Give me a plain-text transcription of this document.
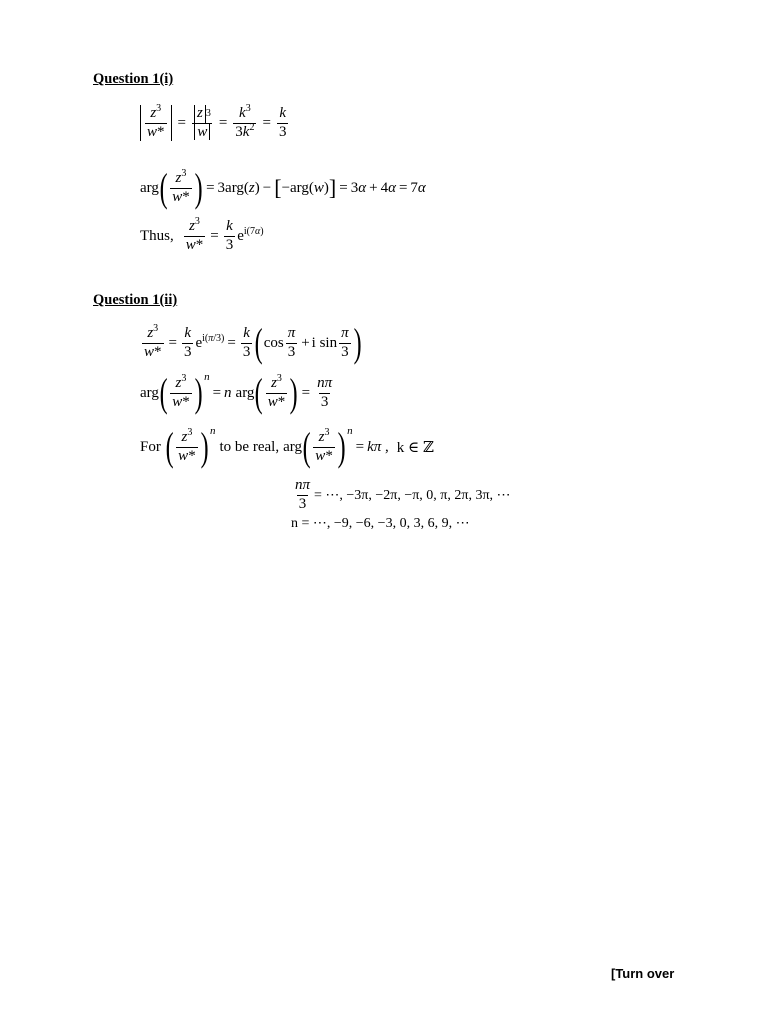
Question 1(i)
$\frac{z^3}{w*} = \frac{z 3}{w} = \frac{k^3}{3k^2} = \frac{k}{3}$
arg ( $\frac{z^3}{w*}$ ) = 3arg(z) − [ −arg(w) ] = 3α + 4α = 7α
Thus, $\frac{z^3}{w*} = \frac{k}{3} e^{i(7\alpha)}$
Question 1(ii)
$\frac{z^3}{w*} = \frac{k}{3} e^{i(\pi/3)} = \frac{k}{3}$ ( $\cos \frac{\pi}{3} + i$ $\sin \frac{\pi}{3}$ )
arg ( $\frac{z^3}{w*}$ ) n
= n arg ( $\frac{z^3}{w*}$ ) = $\frac{n\pi}{3}$
For ( $\frac{z^3}{w*}$ ) n
to be real, arg ( $\frac{z^3}{w*}$ ) n
= kπ , k ∈ ℤ
$\frac{n\pi}{3}$ = ⋯, −3π, −2π, −π, 0, π, 2π, 3π, ⋯
n = ⋯, −9, −6, −3, 0, 3, 6, 9, ⋯
[Turn over
